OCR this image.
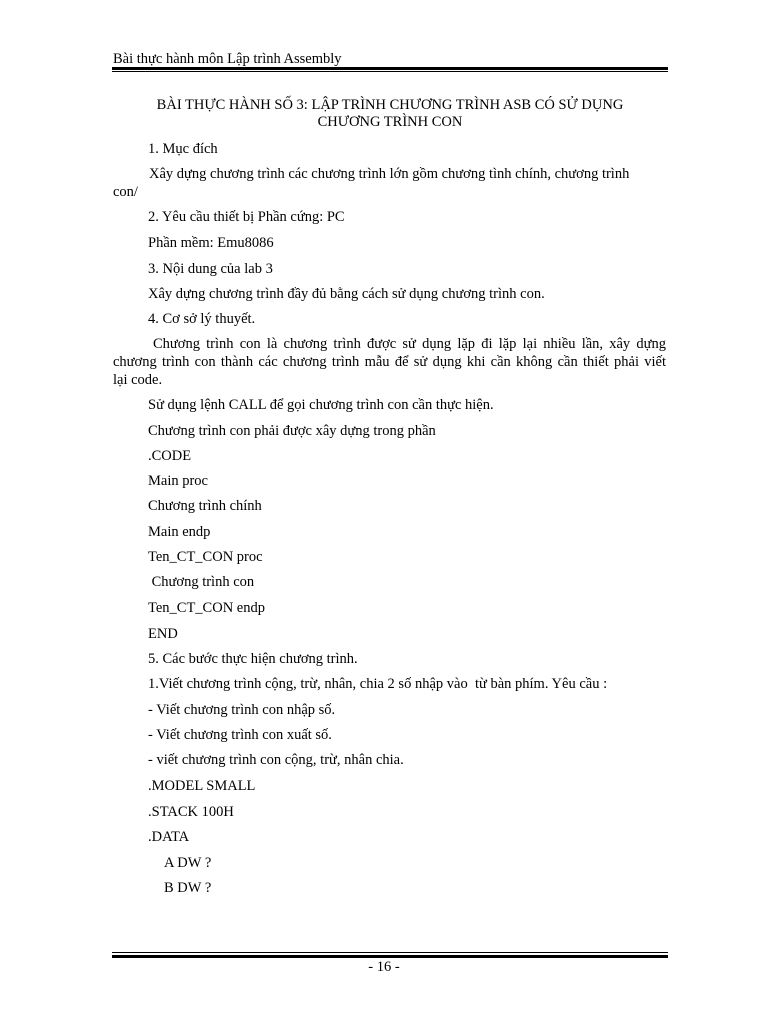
Bài thực hành môn Lập trình Assembly
BÀI THỰC HÀNH SỐ 3: LẬP TRÌNH CHƯƠNG TRÌNH ASB CÓ SỬ DỤNG
CHƯƠNG TRÌNH CON
1. Mục đích
Xây dựng chương trình các chương trình lớn gồm chương tình chính, chương trình
con/
2. Yêu cầu thiết bị Phần cứng: PC
Phần mềm: Emu8086
3. Nội dung của lab 3
Xây dựng chương trình đầy đủ bằng cách sử dụng chương trình con.
4. Cơ sở lý thuyết.
Chương trình con là chương trình được sử dụng lặp đi lặp lại nhiều lần, xây dựng
chương trình con thành các chương trình mẫu để sử dụng khi cần không cần thiết phải viết
lại code.
Sử dụng lệnh CALL để gọi chương trình con cần thực hiện.
Chương trình con phải được xây dựng trong phần
.CODE
Main proc
Chương trình chính
Main endp
Ten_CT_CON proc
Chương trình con
Ten_CT_CON endp
END
5. Các bước thực hiện chương trình.
1.Viết chương trình cộng, trừ, nhân, chia 2 số nhập vào  từ bàn phím. Yêu cầu :
- Viết chương trình con nhập số.
- Viết chương trình con xuất số.
- viết chương trình con cộng, trừ, nhân chia.
.MODEL SMALL
.STACK 100H
.DATA
A DW ?
B DW ?
- 16 -
